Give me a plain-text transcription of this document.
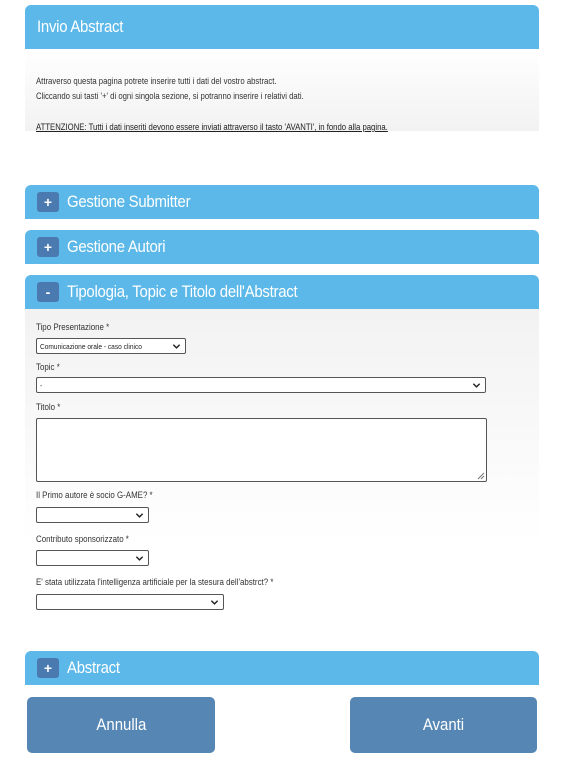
Invio Abstract
Attraverso questa pagina potrete inserire tutti i dati del vostro abstract.
Cliccando sui tasti '+' di ogni singola sezione, si potranno inserire i relativi dati.
ATTENZIONE: Tutti i dati inseriti devono essere inviati attraverso il tasto 'AVANTI', in fondo alla pagina.
+ Gestione Submitter
+ Gestione Autori
- Tipologia, Topic e Titolo dell'Abstract
Tipo Presentazione *
Comunicazione orale - caso clinico
Topic *
-
Titolo *
Il Primo autore è socio G-AME? *
Contributo sponsorizzato *
E' stata utilizzata l'intelligenza artificiale per la stesura dell'abstrct? *
+ Abstract
Annulla	Avanti
